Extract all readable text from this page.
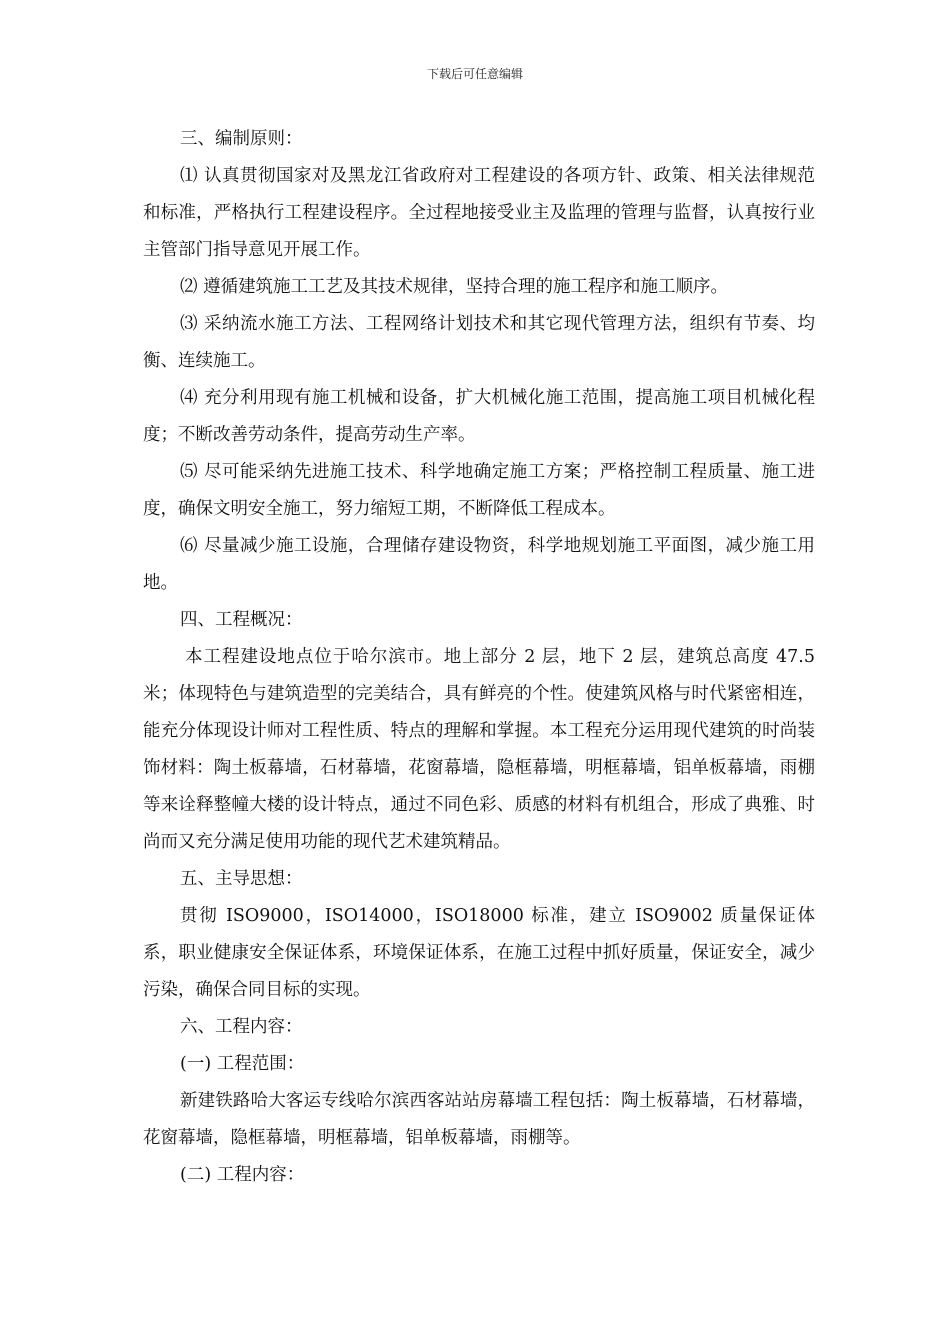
下载后可任意编辑

三、编制原则：

⑴ 认真贯彻国家对及黑龙江省政府对工程建设的各项方针、政策、相关法律规范和标准，严格执行工程建设程序。全过程地接受业主及监理的管理与监督，认真按行业主管部门指导意见开展工作。

⑵ 遵循建筑施工工艺及其技术规律，坚持合理的施工程序和施工顺序。

⑶ 采纳流水施工方法、工程网络计划技术和其它现代管理方法，组织有节奏、均衡、连续施工。

⑷ 充分利用现有施工机械和设备，扩大机械化施工范围，提高施工项目机械化程度；不断改善劳动条件，提高劳动生产率。

⑸ 尽可能采纳先进施工技术、科学地确定施工方案；严格控制工程质量、施工进度，确保文明安全施工，努力缩短工期，不断降低工程成本。

⑹ 尽量减少施工设施，合理储存建设物资，科学地规划施工平面图，减少施工用地。

四、工程概况：

本工程建设地点位于哈尔滨市。地上部分 2 层，地下 2 层，建筑总高度 47.5 米；体现特色与建筑造型的完美结合，具有鲜亮的个性。使建筑风格与时代紧密相连，能充分体现设计师对工程性质、特点的理解和掌握。本工程充分运用现代建筑的时尚装饰材料：陶土板幕墙，石材幕墙，花窗幕墙，隐框幕墙，明框幕墙，铝单板幕墙，雨棚等来诠释整幢大楼的设计特点，通过不同色彩、质感的材料有机组合，形成了典雅、时尚而又充分满足使用功能的现代艺术建筑精品。

五、主导思想：

贯彻 ISO9000，ISO14000，ISO18000 标准，建立 ISO9002 质量保证体系，职业健康安全保证体系，环境保证体系，在施工过程中抓好质量，保证安全，减少污染，确保合同目标的实现。

六、工程内容：

(一) 工程范围：

新建铁路哈大客运专线哈尔滨西客站站房幕墙工程包括：陶土板幕墙，石材幕墙，花窗幕墙，隐框幕墙，明框幕墙，铝单板幕墙，雨棚等。

(二) 工程内容：
